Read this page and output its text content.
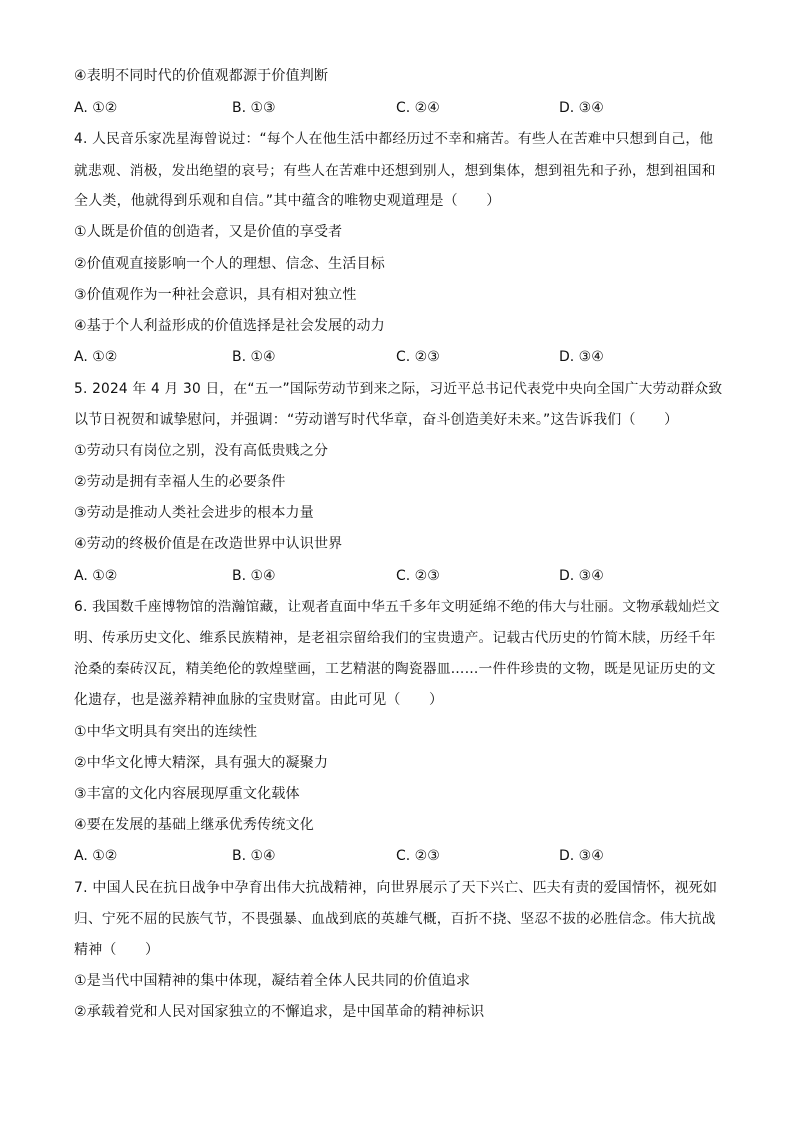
④表明不同时代的价值观都源于价值判断
A. ①②	B. ①③	C. ②④	D. ③④
4. 人民音乐家冼星海曾说过：“每个人在他生活中都经历过不幸和痛苦。有些人在苦难中只想到自己，他
就悲观、消极，发出绝望的哀号；有些人在苦难中还想到别人，想到集体，想到祖先和子孙，想到祖国和
全人类，他就得到乐观和自信。”其中蕴含的唯物史观道理是（　　）
①人既是价值的创造者，又是价值的享受者
②价值观直接影响一个人的理想、信念、生活目标
③价值观作为一种社会意识，具有相对独立性
④基于个人利益形成的价值选择是社会发展的动力
A. ①②	B. ①④	C. ②③	D. ③④
5. 2024 年 4 月 30 日，在“五一”国际劳动节到来之际，习近平总书记代表党中央向全国广大劳动群众致
以节日祝贺和诚挚慰问，并强调：“劳动谱写时代华章，奋斗创造美好未来。”这告诉我们（　　）
①劳动只有岗位之别，没有高低贵贱之分
②劳动是拥有幸福人生的必要条件
③劳动是推动人类社会进步的根本力量
④劳动的终极价值是在改造世界中认识世界
A. ①②	B. ①④	C. ②③	D. ③④
6. 我国数千座博物馆的浩瀚馆藏，让观者直面中华五千多年文明延绵不绝的伟大与壮丽。文物承载灿烂文
明、传承历史文化、维系民族精神，是老祖宗留给我们的宝贵遗产。记载古代历史的竹简木牍，历经千年
沧桑的秦砖汉瓦，精美绝伦的敦煌壁画，工艺精湛的陶瓷器皿……一件件珍贵的文物，既是见证历史的文
化遗存，也是滋养精神血脉的宝贵财富。由此可见（　　）
①中华文明具有突出的连续性
②中华文化博大精深，具有强大的凝聚力
③丰富的文化内容展现厚重文化载体
④要在发展的基础上继承优秀传统文化
A. ①②	B. ①④	C. ②③	D. ③④
7. 中国人民在抗日战争中孕育出伟大抗战精神，向世界展示了天下兴亡、匹夫有责的爱国情怀，视死如
归、宁死不屈的民族气节，不畏强暴、血战到底的英雄气概，百折不挠、坚忍不拔的必胜信念。伟大抗战
精神（　　）
①是当代中国精神的集中体现，凝结着全体人民共同的价值追求
②承载着党和人民对国家独立的不懈追求，是中国革命的精神标识
